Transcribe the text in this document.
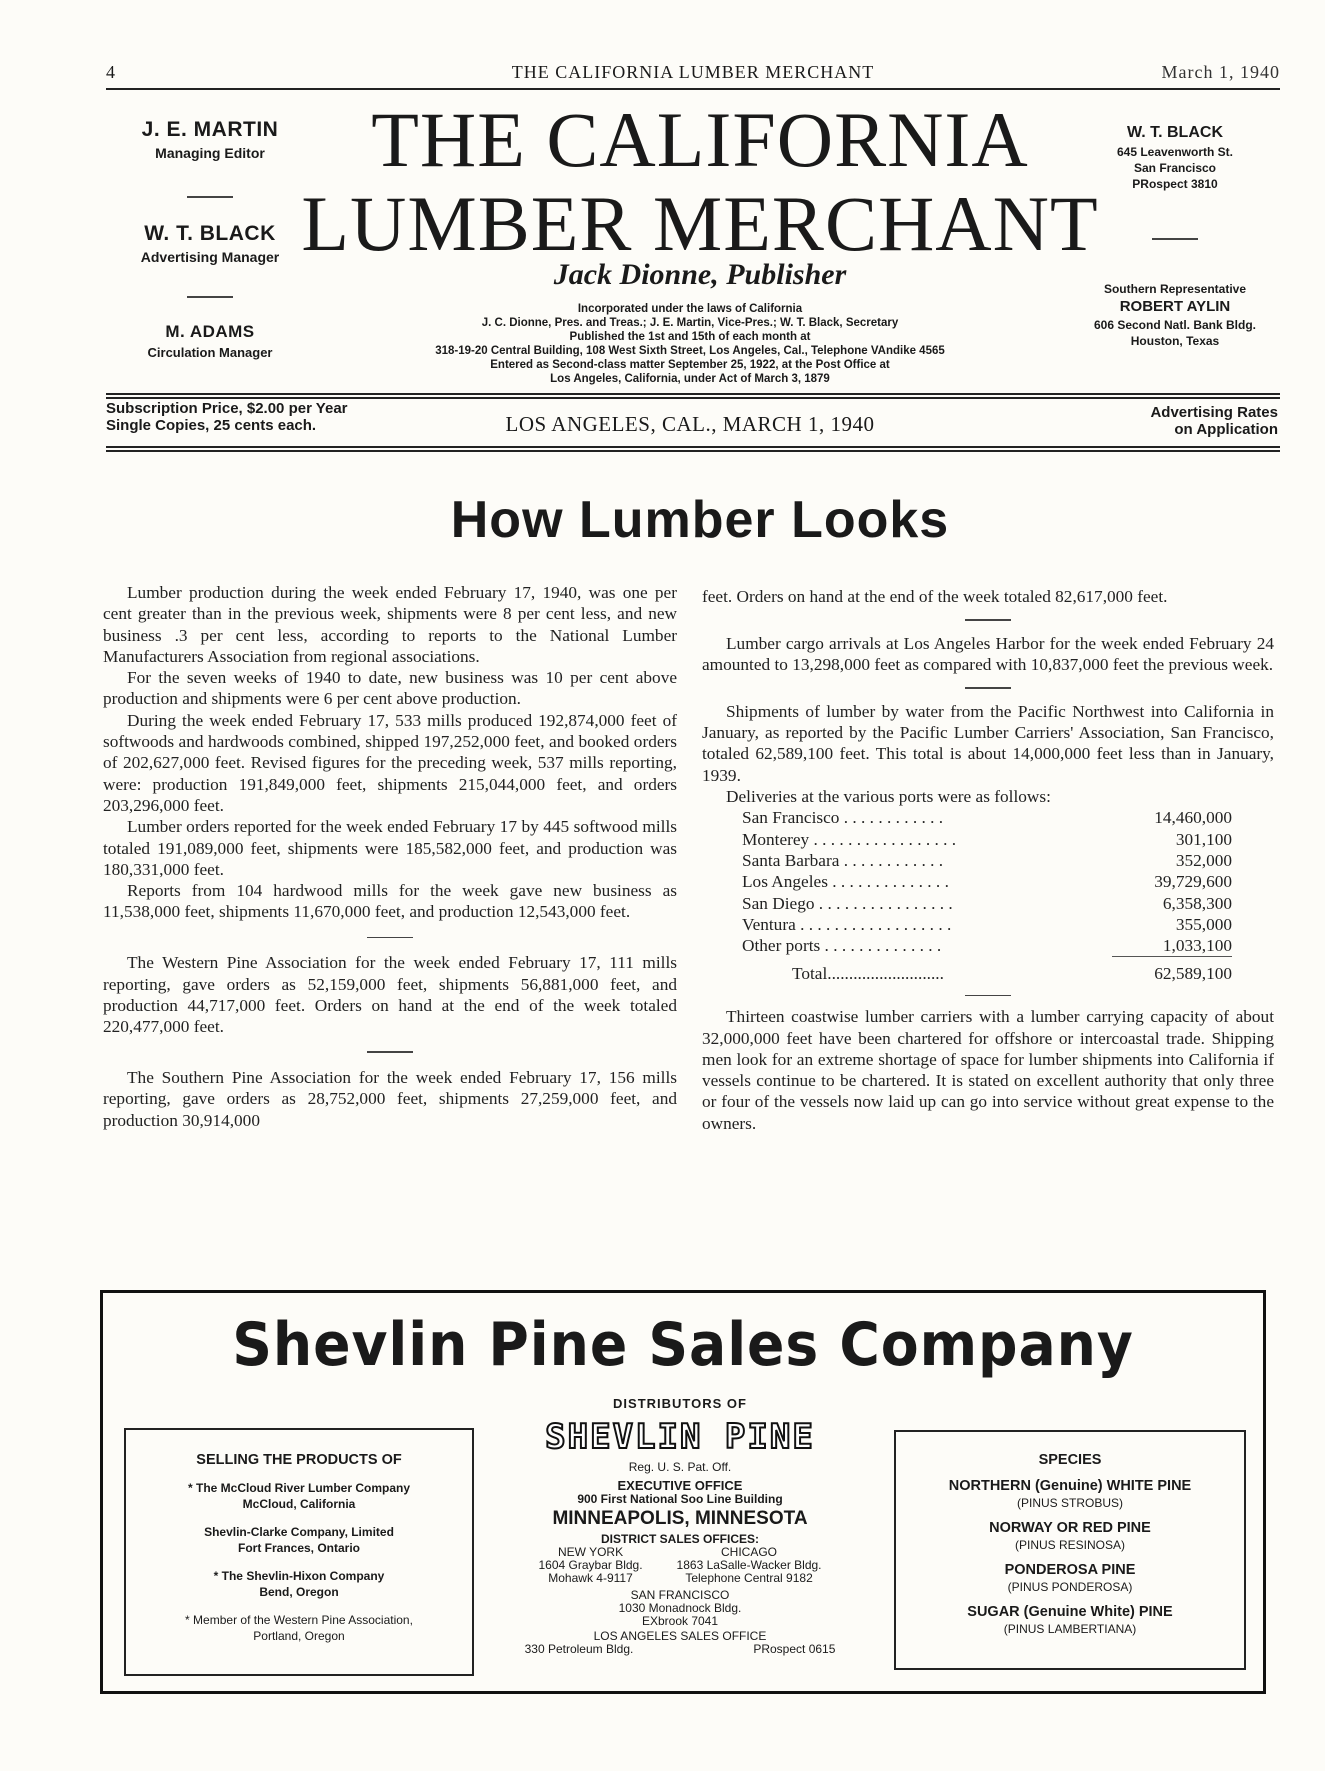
4	THE CALIFORNIA LUMBER MERCHANT	March 1, 1940
J. E. MARTIN
Managing Editor
W. T. BLACK
Advertising Manager
M. ADAMS
Circulation Manager
THE CALIFORNIA
LUMBER MERCHANT
Jack Dionne, Publisher
Incorporated under the laws of California
J. C. Dionne, Pres. and Treas.; J. E. Martin, Vice-Pres.; W. T. Black, Secretary
Published the 1st and 15th of each month at
318-19-20 Central Building, 108 West Sixth Street, Los Angeles, Cal., Telephone VAndike 4565
Entered as Second-class matter September 25, 1922, at the Post Office at
Los Angeles, California, under Act of March 3, 1879
W. T. BLACK
645 Leavenworth St.
San Francisco
PRospect 3810
Southern Representative
ROBERT AYLIN
606 Second Natl. Bank Bldg.
Houston, Texas
Subscription Price, $2.00 per Year
Single Copies, 25 cents each.	LOS ANGELES, CAL., MARCH 1, 1940	Advertising Rates
on Application
How Lumber Looks

Lumber production during the week ended February 17, 1940, was one per cent greater than in the previous week, shipments were 8 per cent less, and new business .3 per cent less, according to reports to the National Lumber Manufacturers Association from regional associations.

For the seven weeks of 1940 to date, new business was 10 per cent above production and shipments were 6 per cent above production.

During the week ended February 17, 533 mills produced 192,874,000 feet of softwoods and hardwoods combined, shipped 197,252,000 feet, and booked orders of 202,627,000 feet. Revised figures for the preceding week, 537 mills reporting, were: production 191,849,000 feet, shipments 215,044,000 feet, and orders 203,296,000 feet.

Lumber orders reported for the week ended February 17 by 445 softwood mills totaled 191,089,000 feet, shipments were 185,582,000 feet, and production was 180,331,000 feet.

Reports from 104 hardwood mills for the week gave new business as 11,538,000 feet, shipments 11,670,000 feet, and production 12,543,000 feet.

The Western Pine Association for the week ended February 17, 111 mills reporting, gave orders as 52,159,000 feet, shipments 56,881,000 feet, and production 44,717,000 feet. Orders on hand at the end of the week totaled 220,477,000 feet.

The Southern Pine Association for the week ended February 17, 156 mills reporting, gave orders as 28,752,000 feet, shipments 27,259,000 feet, and production 30,914,000

feet. Orders on hand at the end of the week totaled 82,617,000 feet.

Lumber cargo arrivals at Los Angeles Harbor for the week ended February 24 amounted to 13,298,000 feet as compared with 10,837,000 feet the previous week.

Shipments of lumber by water from the Pacific Northwest into California in January, as reported by the Pacific Lumber Carriers' Association, San Francisco, totaled 62,589,100 feet. This total is about 14,000,000 feet less than in January, 1939.

Deliveries at the various ports were as follows:

San Francisco . . . . . . . . . . . .	14,460,000
Monterey . . . . . . . . . . . . . . . . .	301,100
Santa Barbara . . . . . . . . . . . .	352,000
Los Angeles . . . . . . . . . . . . . .	39,729,600
San Diego . . . . . . . . . . . . . . . .	6,358,300
Ventura . . . . . . . . . . . . . . . . . .	355,000
Other ports . . . . . . . . . . . . . .	1,033,100

Total...........................	62,589,100

Thirteen coastwise lumber carriers with a lumber carrying capacity of about 32,000,000 feet have been chartered for offshore or intercoastal trade. Shipping men look for an extreme shortage of space for lumber shipments into California if vessels continue to be chartered. It is stated on excellent authority that only three or four of the vessels now laid up can go into service without great expense to the owners.

Shevlin Pine Sales Company
SELLING THE PRODUCTS OF
* The McCloud River Lumber Company
McCloud, California
Shevlin-Clarke Company, Limited
Fort Frances, Ontario
* The Shevlin-Hixon Company
Bend, Oregon
* Member of the Western Pine Association,
Portland, Oregon
DISTRIBUTORS OF
SHEVLIN PINE
Reg. U. S. Pat. Off.
EXECUTIVE OFFICE
900 First National Soo Line Building
MINNEAPOLIS, MINNESOTA
DISTRICT SALES OFFICES:
NEW YORK
1604 Graybar Bldg.
Mohawk 4-9117
CHICAGO
1863 LaSalle-Wacker Bldg.
Telephone Central 9182
SAN FRANCISCO
1030 Monadnock Bldg.
EXbrook 7041
LOS ANGELES SALES OFFICE
330 Petroleum Bldg.	PRospect 0615
SPECIES
NORTHERN (Genuine) WHITE PINE
(PINUS STROBUS)
NORWAY OR RED PINE
(PINUS RESINOSA)
PONDEROSA PINE
(PINUS PONDEROSA)
SUGAR (Genuine White) PINE
(PINUS LAMBERTIANA)
